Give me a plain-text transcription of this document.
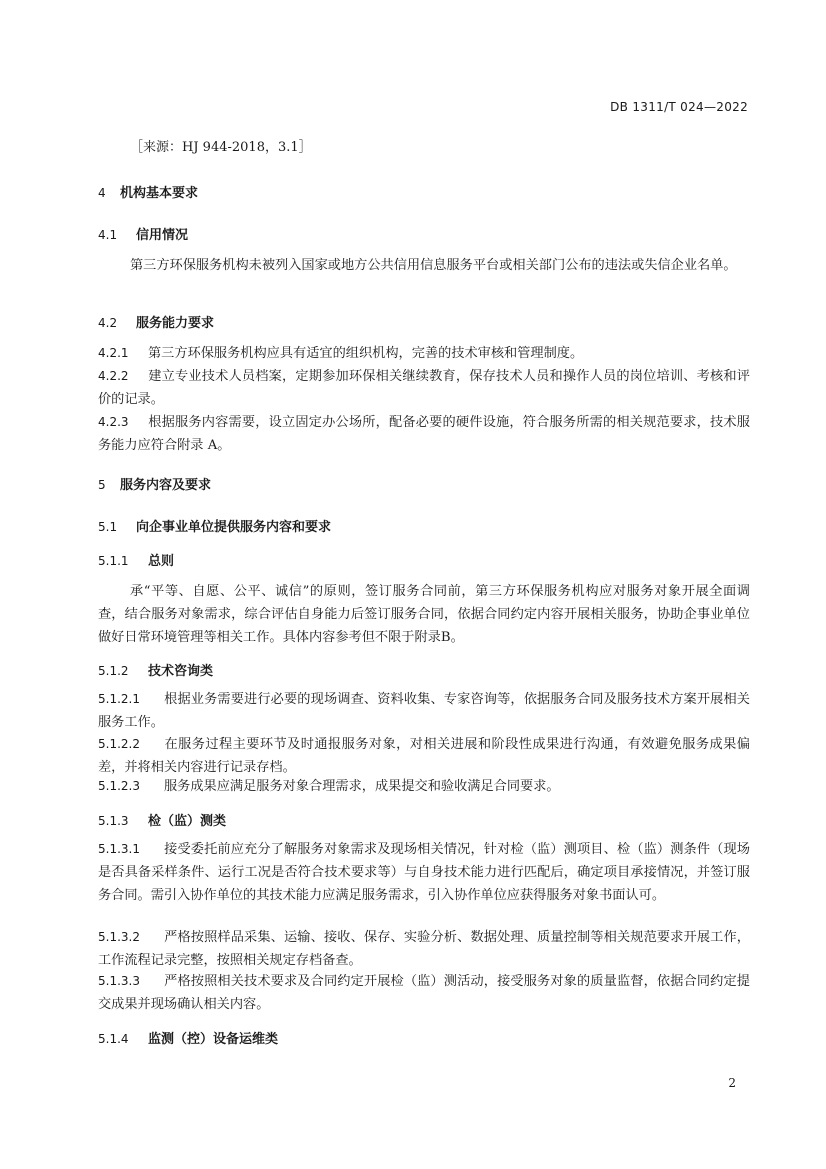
DB 1311/T 024—2022
［来源：HJ 944-2018，3.1］
4 机构基本要求
4.1 信用情况
第三方环保服务机构未被列入国家或地方公共信用信息服务平台或相关部门公布的违法或失信企业名单。
4.2 服务能力要求
4.2.1 第三方环保服务机构应具有适宜的组织机构，完善的技术审核和管理制度。
4.2.2 建立专业技术人员档案，定期参加环保相关继续教育，保存技术人员和操作人员的岗位培训、考核和评价的记录。
4.2.3 根据服务内容需要，设立固定办公场所，配备必要的硬件设施，符合服务所需的相关规范要求，技术服务能力应符合附录 A。
5 服务内容及要求
5.1 向企事业单位提供服务内容和要求
5.1.1 总则
承“平等、自愿、公平、诚信”的原则，签订服务合同前，第三方环保服务机构应对服务对象开展全面调查，结合服务对象需求，综合评估自身能力后签订服务合同，依据合同约定内容开展相关服务，协助企事业单位做好日常环境管理等相关工作。具体内容参考但不限于附录B。
5.1.2 技术咨询类
5.1.2.1 根据业务需要进行必要的现场调查、资料收集、专家咨询等，依据服务合同及服务技术方案开展相关服务工作。
5.1.2.2 在服务过程主要环节及时通报服务对象，对相关进展和阶段性成果进行沟通，有效避免服务成果偏差，并将相关内容进行记录存档。
5.1.2.3 服务成果应满足服务对象合理需求，成果提交和验收满足合同要求。
5.1.3 检（监）测类
5.1.3.1 接受委托前应充分了解服务对象需求及现场相关情况，针对检（监）测项目、检（监）测条件（现场是否具备采样条件、运行工况是否符合技术要求等）与自身技术能力进行匹配后，确定项目承接情况，并签订服务合同。需引入协作单位的其技术能力应满足服务需求，引入协作单位应获得服务对象书面认可。
5.1.3.2 严格按照样品采集、运输、接收、保存、实验分析、数据处理、质量控制等相关规范要求开展工作，工作流程记录完整，按照相关规定存档备查。
5.1.3.3 严格按照相关技术要求及合同约定开展检（监）测活动，接受服务对象的质量监督，依据合同约定提交成果并现场确认相关内容。
5.1.4 监测（控）设备运维类
2
